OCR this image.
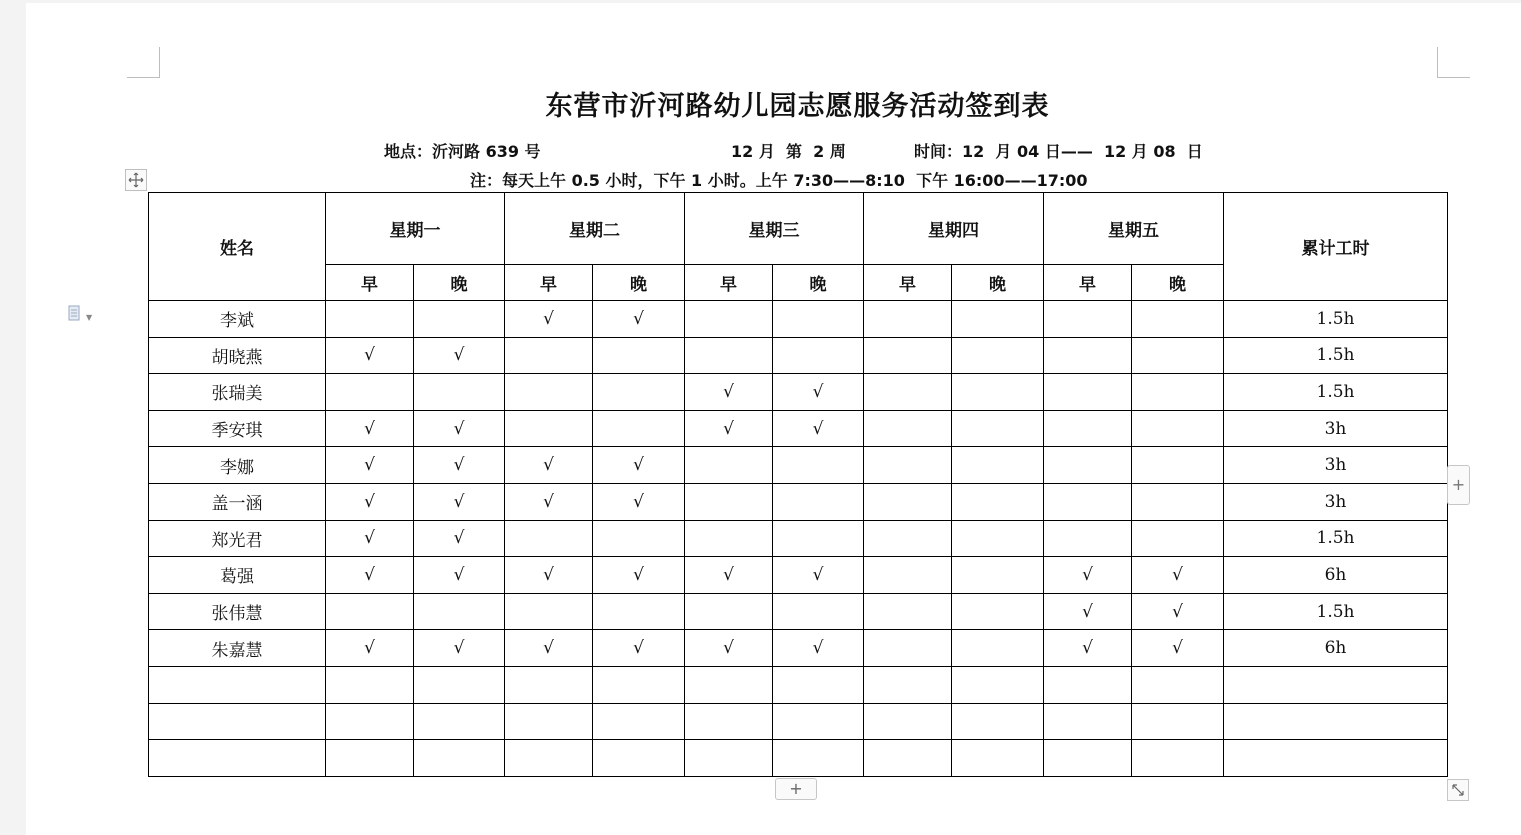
东营市沂河路幼儿园志愿服务活动签到表
地点：沂河路 639 号	12 月  第  2 周	时间：12  月 04 日——  12 月 08  日
注：每天上午 0.5 小时，下午 1 小时。上午 7:30——8:10  下午 16:00——17:00
▼
姓名	星期一		星期二		星期三		星期四		星期五		累计工时
	早	晚	早	晚	早	晚	早	晚	早	晚	
李斌			√	√							1.5h
胡晓燕	√	√									1.5h
张瑞美					√	√					1.5h
季安琪	√	√			√	√					3h
李娜	√	√	√	√							3h
盖一涵	√	√	√	√							3h
郑光君	√	√									1.5h
葛强	√	√	√	√	√	√			√	√	6h
张伟慧									√	√	1.5h
朱嘉慧	√	√	√	√	√	√			√	√	6h

+
+
